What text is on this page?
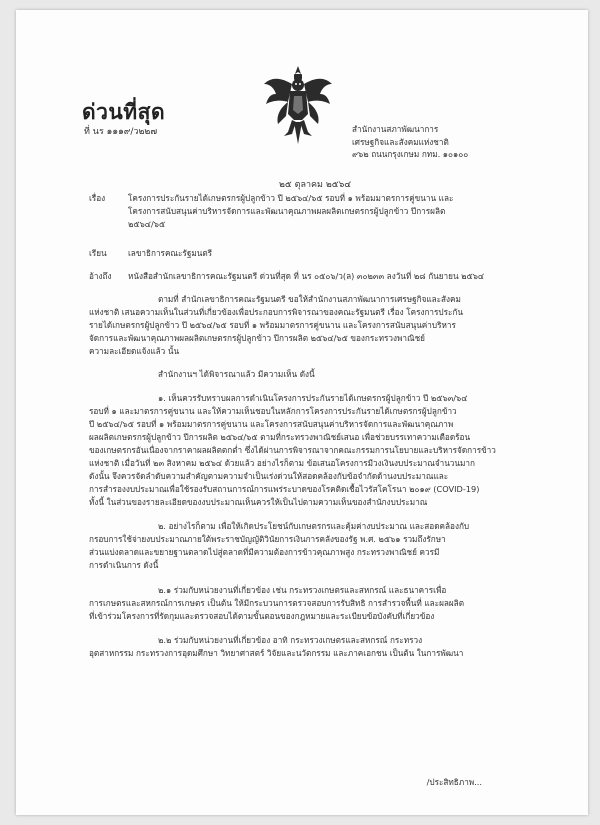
ด่วนที่สุด
ที่ นร ๑๑๑๙/ว๒๒๗	สำนักงานสภาพัฒนาการ
เศรษฐกิจและสังคมแห่งชาติ
๙๖๒ ถนนกรุงเกษม กทม. ๑๐๑๐๐
๒๕ ตุลาคม ๒๕๖๔
เรื่อง	โครงการประกันรายได้เกษตรกรผู้ปลูกข้าว ปี ๒๕๖๔/๖๕ รอบที่ ๑ พร้อมมาตรการคู่ขนาน และ
โครงการสนับสนุนค่าบริหารจัดการและพัฒนาคุณภาพผลผลิตเกษตรกรผู้ปลูกข้าว ปีการผลิต
๒๕๖๔/๖๕
เรียน	เลขาธิการคณะรัฐมนตรี
อ้างถึง หนังสือสำนักเลขาธิการคณะรัฐมนตรี ด่วนที่สุด ที่ นร ๐๕๐๖/ว(ล) ๓๐๒๓๓ ลงวันที่ ๒๘ กันยายน ๒๕๖๔
ตามที่ สำนักเลขาธิการคณะรัฐมนตรี ขอให้สำนักงานสภาพัฒนาการเศรษฐกิจและสังคม
แห่งชาติ เสนอความเห็นในส่วนที่เกี่ยวข้องเพื่อประกอบการพิจารณาของคณะรัฐมนตรี เรื่อง โครงการประกัน
รายได้เกษตรกรผู้ปลูกข้าว ปี ๒๕๖๔/๖๕ รอบที่ ๑ พร้อมมาตรการคู่ขนาน และโครงการสนับสนุนค่าบริหาร
จัดการและพัฒนาคุณภาพผลผลิตเกษตรกรผู้ปลูกข้าว ปีการผลิต ๒๕๖๔/๖๕ ของกระทรวงพาณิชย์
ความละเอียดแจ้งแล้ว นั้น
สำนักงานฯ ได้พิจารณาแล้ว มีความเห็น ดังนี้
๑. เห็นควรรับทราบผลการดำเนินโครงการประกันรายได้เกษตรกรผู้ปลูกข้าว ปี ๒๕๖๓/๖๔
รอบที่ ๑ และมาตรการคู่ขนาน และให้ความเห็นชอบในหลักการโครงการประกันรายได้เกษตรกรผู้ปลูกข้าว
ปี ๒๕๖๔/๖๕ รอบที่ ๑ พร้อมมาตรการคู่ขนาน และโครงการสนับสนุนค่าบริหารจัดการและพัฒนาคุณภาพ
ผลผลิตเกษตรกรผู้ปลูกข้าว ปีการผลิต ๒๕๖๔/๖๕ ตามที่กระทรวงพาณิชย์เสนอ เพื่อช่วยบรรเทาความเดือดร้อน
ของเกษตรกรอันเนื่องจากราคาผลผลิตตกต่ำ ซึ่งได้ผ่านการพิจารณาจากคณะกรรมการนโยบายและบริหารจัดการข้าว
แห่งชาติ เมื่อวันที่ ๒๓ สิงหาคม ๒๕๖๔ ด้วยแล้ว อย่างไรก็ตาม ข้อเสนอโครงการมีวงเงินงบประมาณจำนวนมาก
ดังนั้น จึงควรจัดลำดับความสำคัญตามความจำเป็นเร่งด่วนให้สอดคล้องกับข้อจำกัดด้านงบประมาณและ
การสำรองงบประมาณเพื่อใช้รองรับสถานการณ์การแพร่ระบาดของโรคติดเชื้อไวรัสโคโรนา ๒๐๑๙ (COVID-19)
ทั้งนี้ ในส่วนของรายละเอียดของงบประมาณเห็นควรให้เป็นไปตามความเห็นของสำนักงบประมาณ
๒. อย่างไรก็ตาม เพื่อให้เกิดประโยชน์กับเกษตรกรและคุ้มค่างบประมาณ และสอดคล้องกับ
กรอบการใช้จ่ายงบประมาณภายใต้พระราชบัญญัติวินัยการเงินการคลังของรัฐ พ.ศ. ๒๕๖๑ รวมถึงรักษา
ส่วนแบ่งตลาดและขยายฐานตลาดไปสู่ตลาดที่มีความต้องการข้าวคุณภาพสูง กระทรวงพาณิชย์ ควรมี
การดำเนินการ ดังนี้
๒.๑ ร่วมกับหน่วยงานที่เกี่ยวข้อง เช่น กระทรวงเกษตรและสหกรณ์ และธนาคารเพื่อ
การเกษตรและสหกรณ์การเกษตร เป็นต้น ให้มีกระบวนการตรวจสอบการรับสิทธิ การสำรวจพื้นที่ และผลผลิต
ที่เข้าร่วมโครงการที่รัดกุมและตรวจสอบได้ตามขั้นตอนของกฎหมายและระเบียบข้อบังคับที่เกี่ยวข้อง
๒.๒ ร่วมกับหน่วยงานที่เกี่ยวข้อง อาทิ กระทรวงเกษตรและสหกรณ์ กระทรวง
อุตสาหกรรม กระทรวงการอุดมศึกษา วิทยาศาสตร์ วิจัยและนวัตกรรม และภาคเอกชน เป็นต้น ในการพัฒนา
/ประสิทธิภาพ...
